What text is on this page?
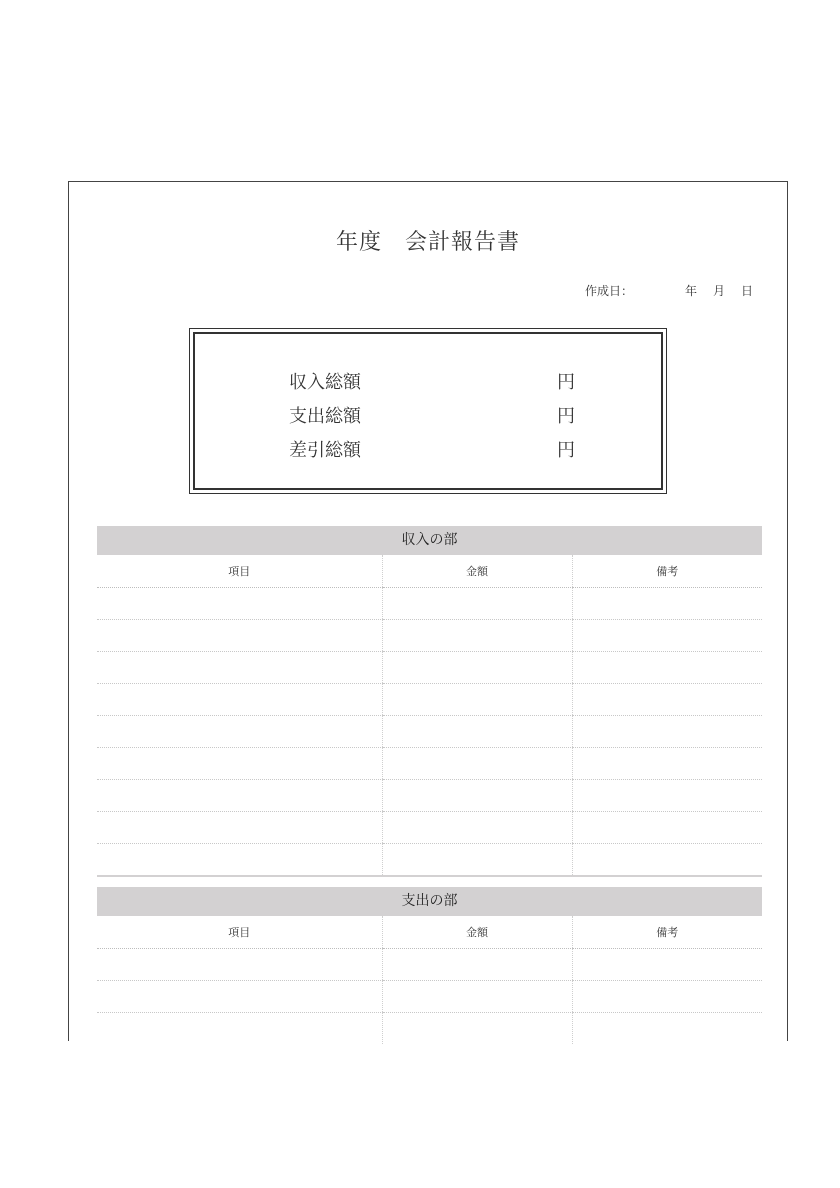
年度　会計報告書
作成日：	年 月 日
収入総額	円
支出総額	円
差引総額	円
収入の部
項目	金額	備考

支出の部
項目	金額	備考
